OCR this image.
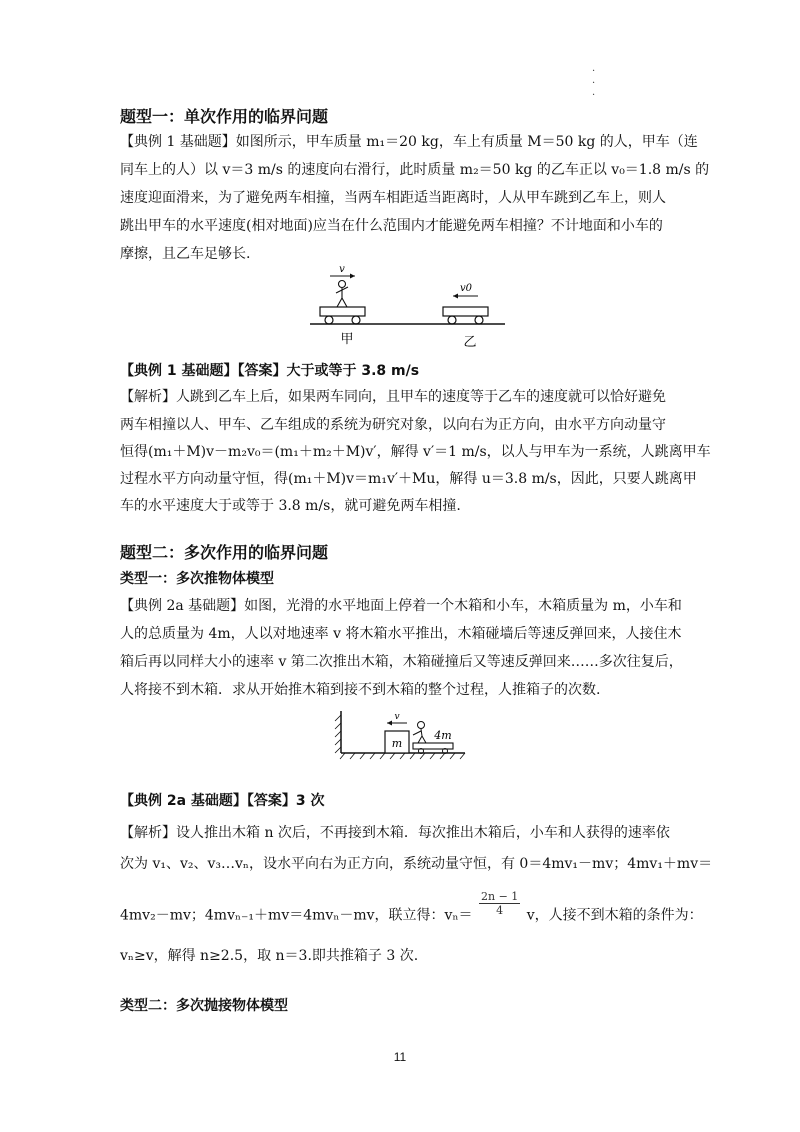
·
·
·
题型一：单次作用的临界问题
【典例 1 基础题】如图所示，甲车质量 m₁＝20 kg，车上有质量 M＝50 kg 的人，甲车（连
同车上的人）以 v＝3 m/s 的速度向右滑行，此时质量 m₂＝50 kg 的乙车正以 v₀＝1.8 m/s 的
速度迎面滑来，为了避免两车相撞，当两车相距适当距离时，人从甲车跳到乙车上，则人
跳出甲车的水平速度(相对地面)应当在什么范围内才能避免两车相撞？不计地面和小车的
摩擦，且乙车足够长.
v
v0
甲	乙
【典例 1 基础题】【答案】大于或等于 3.8 m/s
【解析】人跳到乙车上后，如果两车同向，且甲车的速度等于乙车的速度就可以恰好避免
两车相撞以人、甲车、乙车组成的系统为研究对象，以向右为正方向，由水平方向动量守
恒得(m₁＋M)v－m₂v₀＝(m₁＋m₂＋M)v′，解得 v′＝1 m/s，以人与甲车为一系统，人跳离甲车
过程水平方向动量守恒，得(m₁＋M)v＝m₁v′＋Mu，解得 u＝3.8 m/s，因此，只要人跳离甲
车的水平速度大于或等于 3.8 m/s，就可避免两车相撞.
题型二：多次作用的临界问题
类型一：多次推物体模型
【典例 2a 基础题】如图，光滑的水平地面上停着一个木箱和小车，木箱质量为 m，小车和
人的总质量为 4m，人以对地速率 v 将木箱水平推出，木箱碰墙后等速反弹回来，人接住木
箱后再以同样大小的速率 v 第二次推出木箱，木箱碰撞后又等速反弹回来……多次往复后，
人将接不到木箱．求从开始推木箱到接不到木箱的整个过程，人推箱子的次数.
m
v
4m
【典例 2a 基础题】【答案】3 次
【解析】设人推出木箱 n 次后，不再接到木箱．每次推出木箱后，小车和人获得的速率依
次为 v₁、v₂、v₃…vₙ，设水平向右为正方向，系统动量守恒，有 0＝4mv₁－mv；4mv₁＋mv＝
4mv₂－mv；4mvₙ₋₁＋mv＝4mvₙ－mv，联立得：$v_n= \frac{2n - 1}{4}$ v，人接不到木箱的条件为：
vₙ≥v，解得 n≥2.5，取 n＝3.即共推箱子 3 次.
类型二：多次抛接物体模型
11
